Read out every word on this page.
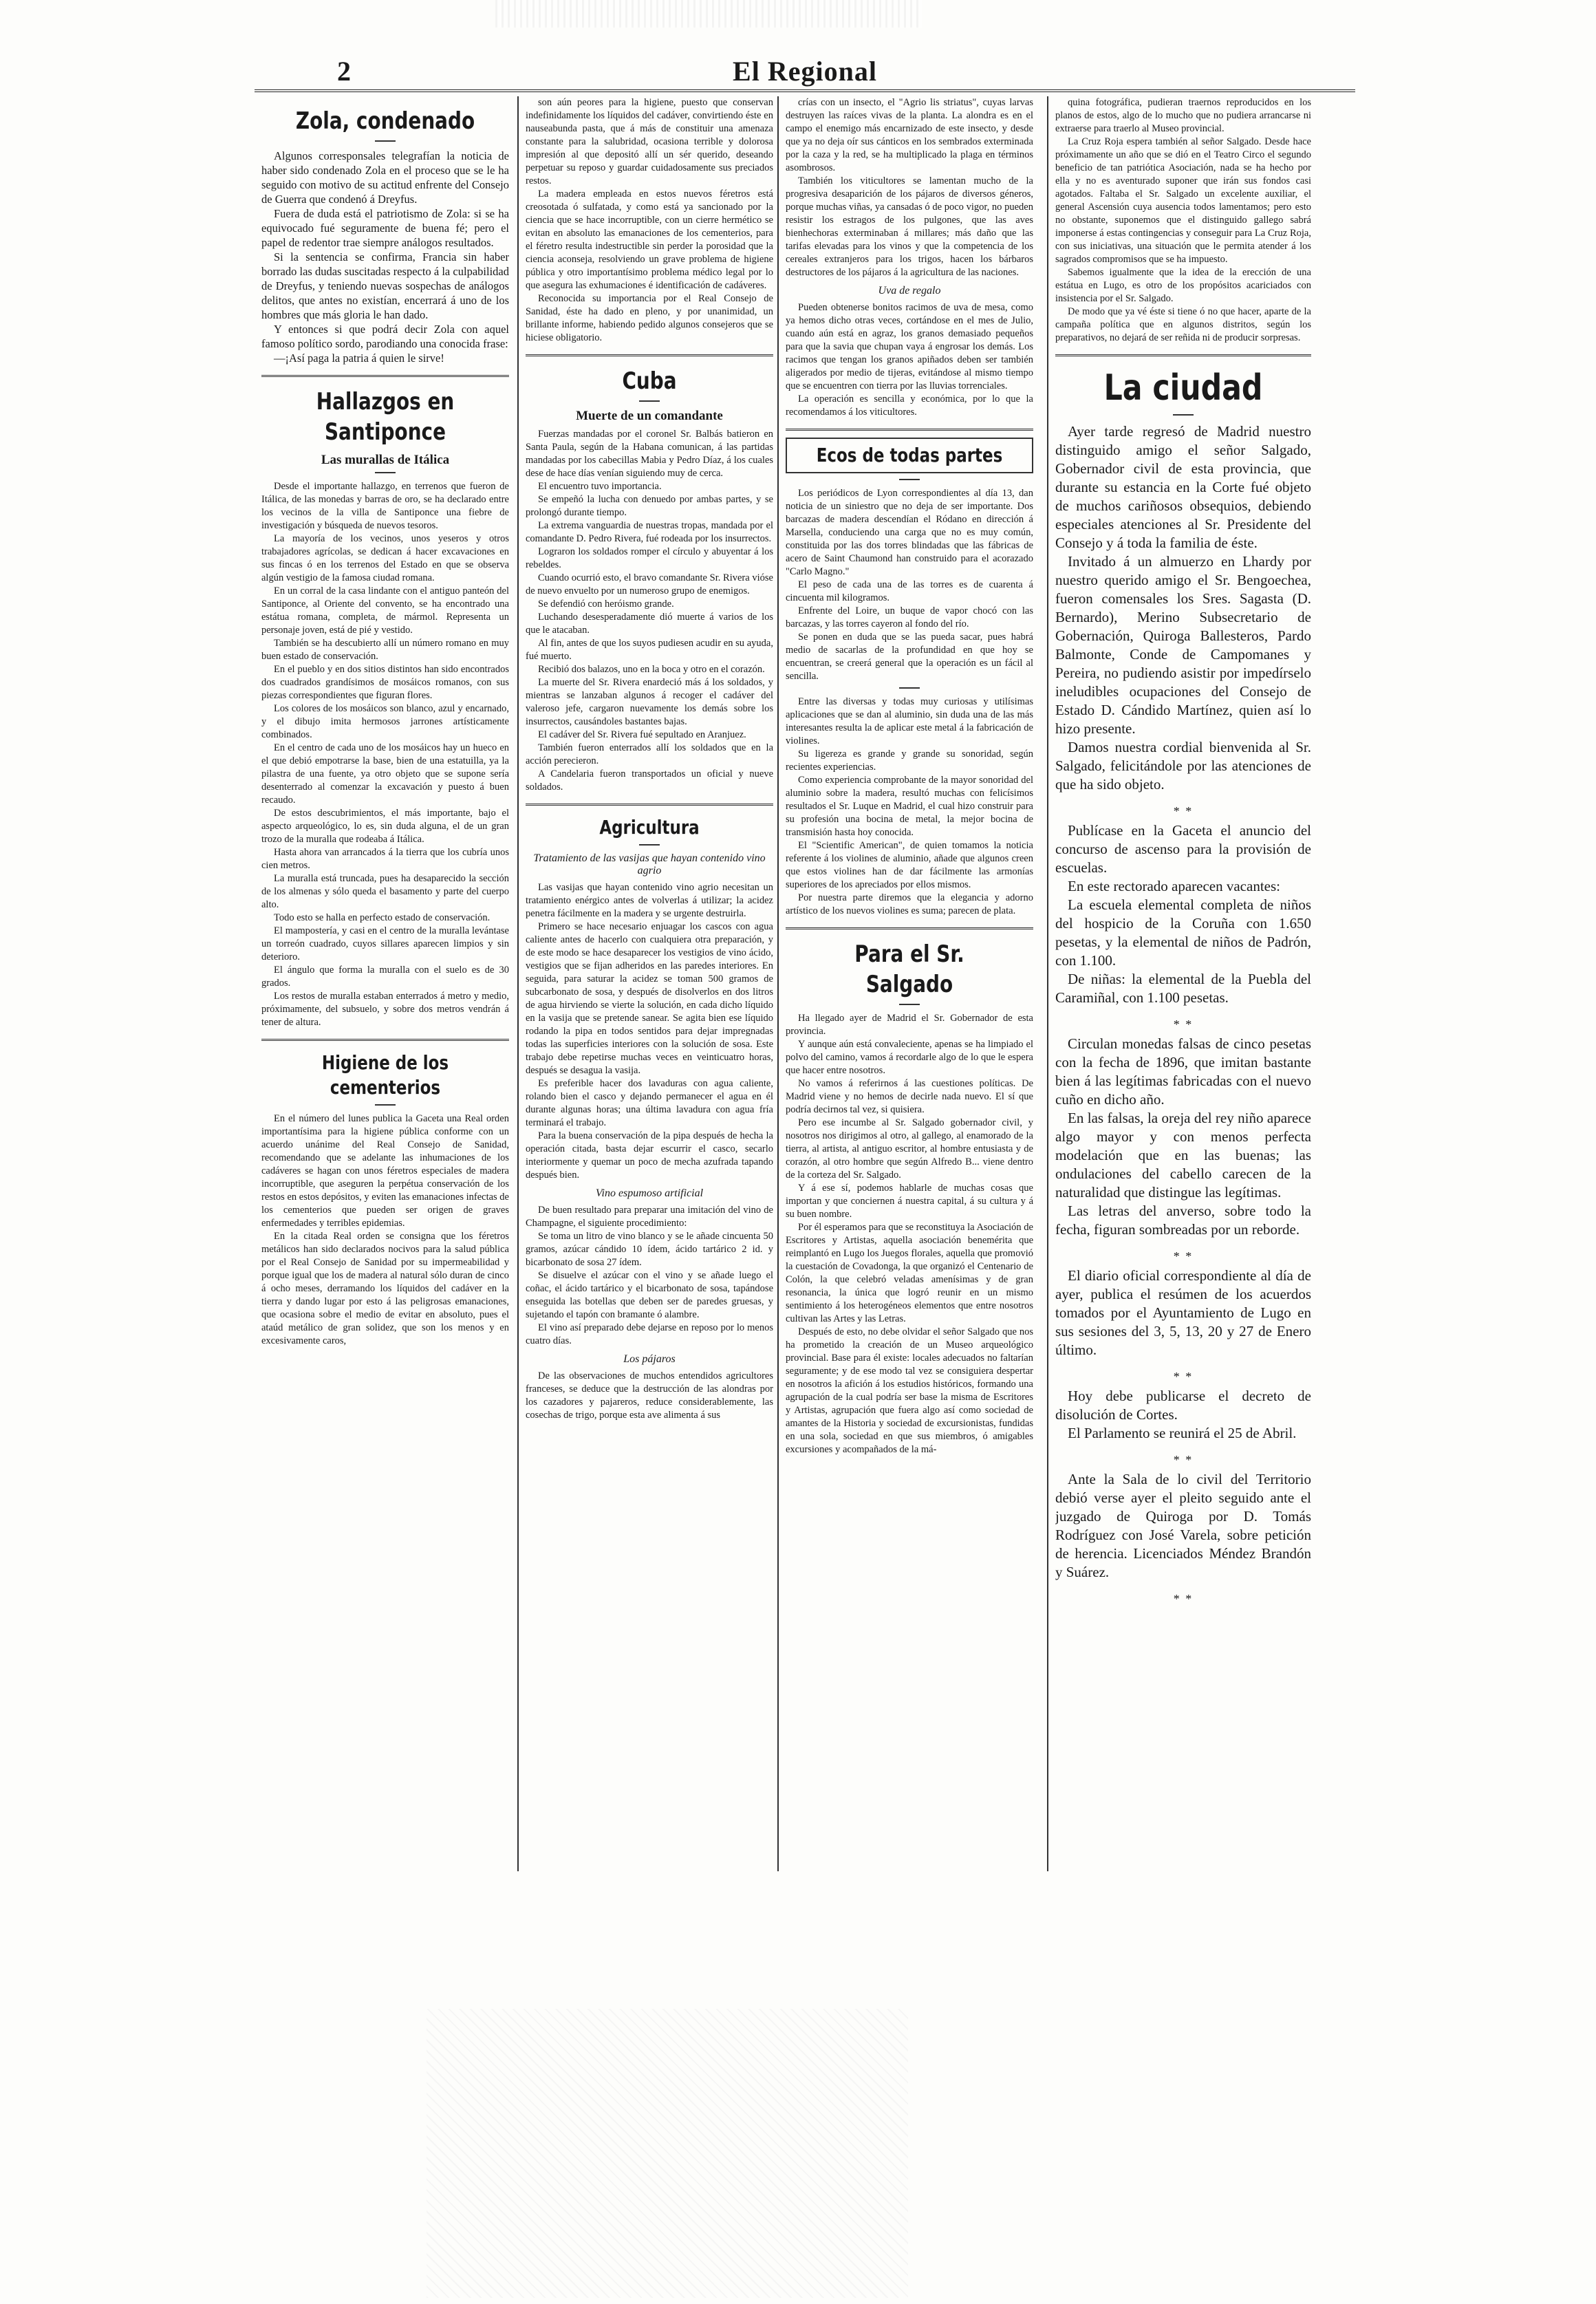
2	El Regional
Zola, condenado

Algunos corresponsales telegrafían la noticia de haber sido condenado Zola en el proceso que se le ha seguido con motivo de su actitud enfrente del Consejo de Guerra que condenó á Dreyfus.

Fuera de duda está el patriotismo de Zola: si se ha equivocado fué seguramente de buena fé; pero el papel de redentor trae siempre análogos resultados.

Si la sentencia se confirma, Francia sin haber borrado las dudas suscitadas respecto á la culpabilidad de Dreyfus, y teniendo nuevas sospechas de análogos delitos, que antes no existían, encerrará á uno de los hombres que más gloria le han dado.

Y entonces si que podrá decir Zola con aquel famoso político sordo, parodiando una conocida frase:

—¡Así paga la patria á quien le sirve!

Hallazgos en Santiponce
Las murallas de Itálica

Desde el importante hallazgo, en terrenos que fueron de Itálica, de las monedas y barras de oro, se ha declarado entre los vecinos de la villa de Santiponce una fiebre de investigación y búsqueda de nuevos tesoros.

La mayoría de los vecinos, unos yeseros y otros trabajadores agrícolas, se dedican á hacer excavaciones en sus fincas ó en los terrenos del Estado en que se observa algún vestigio de la famosa ciudad romana.

En un corral de la casa lindante con el antiguo panteón del Santiponce, al Oriente del convento, se ha encontrado una estátua romana, completa, de mármol. Representa un personaje joven, está de pié y vestido.

También se ha descubierto allí un número romano en muy buen estado de conservación.

En el pueblo y en dos sitios distintos han sido encontrados dos cuadrados grandísimos de mosáicos romanos, con sus piezas correspondientes que figuran flores.

Los colores de los mosáicos son blanco, azul y encarnado, y el dibujo imita hermosos jarrones artísticamente combinados.

En el centro de cada uno de los mosáicos hay un hueco en el que debió empotrarse la base, bien de una estatuilla, ya la pilastra de una fuente, ya otro objeto que se supone sería desenterrado al comenzar la excavación y puesto á buen recaudo.

De estos descubrimientos, el más importante, bajo el aspecto arqueológico, lo es, sin duda alguna, el de un gran trozo de la muralla que rodeaba á Itálica.

Hasta ahora van arrancados á la tierra que los cubría unos cien metros.

La muralla está truncada, pues ha desaparecido la sección de los almenas y sólo queda el basamento y parte del cuerpo alto.

Todo esto se halla en perfecto estado de conservación.

El mampostería, y casi en el centro de la muralla levántase un torreón cuadrado, cuyos sillares aparecen limpios y sin deterioro.

El ángulo que forma la muralla con el suelo es de 30 grados.

Los restos de muralla estaban enterrados á metro y medio, próximamente, del subsuelo, y sobre dos metros vendrán á tener de altura.

Higiene de los cementerios

En el número del lunes publica la Gaceta una Real orden importantísima para la higiene pública conforme con un acuerdo unánime del Real Consejo de Sanidad, recomendando que se adelante las inhumaciones de los cadáveres se hagan con unos féretros especiales de madera incorruptible, que aseguren la perpétua conservación de los restos en estos depósitos, y eviten las emanaciones infectas de los cementerios que pueden ser origen de graves enfermedades y terribles epidemias.

En la citada Real orden se consigna que los féretros metálicos han sido declarados nocivos para la salud pública por el Real Consejo de Sanidad por su impermeabilidad y porque igual que los de madera al natural sólo duran de cinco á ocho meses, derramando los líquidos del cadáver en la tierra y dando lugar por esto á las peligrosas emanaciones, que ocasiona sobre el medio de evitar en absoluto, pues el ataúd metálico de gran solidez, que son los menos y en excesivamente caros,

son aún peores para la higiene, puesto que conservan indefinidamente los líquidos del cadáver, convirtiendo éste en nauseabunda pasta, que á más de constituir una amenaza constante para la salubridad, ocasiona terrible y dolorosa impresión al que depositó allí un sér querido, deseando perpetuar su reposo y guardar cuidadosamente sus preciados restos.

La madera empleada en estos nuevos féretros está creosotada ó sulfatada, y como está ya sancionado por la ciencia que se hace incorruptible, con un cierre hermético se evitan en absoluto las emanaciones de los cementerios, para el féretro resulta indestructible sin perder la porosidad que la ciencia aconseja, resolviendo un grave problema de higiene pública y otro importantísimo problema médico legal por lo que asegura las exhumaciones é identificación de cadáveres.

Reconocida su importancia por el Real Consejo de Sanidad, éste ha dado en pleno, y por unanimidad, un brillante informe, habiendo pedido algunos consejeros que se hiciese obligatorio.

Cuba
Muerte de un comandante

Fuerzas mandadas por el coronel Sr. Balbás batieron en Santa Paula, según de la Habana comunican, á las partidas mandadas por los cabecillas Mabia y Pedro Díaz, á los cuales dese de hace días venían siguiendo muy de cerca.

El encuentro tuvo importancia.

Se empeñó la lucha con denuedo por ambas partes, y se prolongó durante tiempo.

La extrema vanguardia de nuestras tropas, mandada por el comandante D. Pedro Rivera, fué rodeada por los insurrectos.

Lograron los soldados romper el círculo y abuyentar á los rebeldes.

Cuando ocurrió esto, el bravo comandante Sr. Rivera vióse de nuevo envuelto por un numeroso grupo de enemigos.

Se defendió con heróismo grande.

Luchando desesperadamente dió muerte á varios de los que le atacaban.

Al fin, antes de que los suyos pudiesen acudir en su ayuda, fué muerto.

Recibió dos balazos, uno en la boca y otro en el corazón.

La muerte del Sr. Rivera enardeció más á los soldados, y mientras se lanzaban algunos á recoger el cadáver del valeroso jefe, cargaron nuevamente los demás sobre los insurrectos, causándoles bastantes bajas.

El cadáver del Sr. Rivera fué sepultado en Aranjuez.

También fueron enterrados allí los soldados que en la acción perecieron.

A Candelaria fueron transportados un oficial y nueve soldados.

Agricultura
Tratamiento de las vasijas que hayan contenido vino agrio

Las vasijas que hayan contenido vino agrio necesitan un tratamiento enérgico antes de volverlas á utilizar; la acidez penetra fácilmente en la madera y se urgente destruirla.

Primero se hace necesario enjuagar los cascos con agua caliente antes de hacerlo con cualquiera otra preparación, y de este modo se hace desaparecer los vestigios de vino ácido, vestigios que se fijan adheridos en las paredes interiores. En seguida, para saturar la acidez se toman 500 gramos de subcarbonato de sosa, y después de disolverlos en dos litros de agua hirviendo se vierte la solución, en cada dicho líquido en la vasija que se pretende sanear. Se agita bien ese líquido rodando la pipa en todos sentidos para dejar impregnadas todas las superficies interiores con la solución de sosa. Este trabajo debe repetirse muchas veces en veinticuatro horas, después se desagua la vasija.

Es preferible hacer dos lavaduras con agua caliente, rolando bien el casco y dejando permanecer el agua en él durante algunas horas; una última lavadura con agua fría terminará el trabajo.

Para la buena conservación de la pipa después de hecha la operación citada, basta dejar escurrir el casco, secarlo interiormente y quemar un poco de mecha azufrada tapando después bien.

Vino espumoso artificial

De buen resultado para preparar una imitación del vino de Champagne, el siguiente procedimiento:

Se toma un litro de vino blanco y se le añade cincuenta 50 gramos, azúcar cándido 10 ídem, ácido tartárico 2 id. y bicarbonato de sosa 27 ídem.

Se disuelve el azúcar con el vino y se añade luego el coñac, el ácido tartárico y el bicarbonato de sosa, tapándose enseguida las botellas que deben ser de paredes gruesas, y sujetando el tapón con bramante ó alambre.

El vino así preparado debe dejarse en reposo por lo menos cuatro días.

Los pájaros

De las observaciones de muchos entendidos agricultores franceses, se deduce que la destrucción de las alondras por los cazadores y pajareros, reduce considerablemente, las cosechas de trigo, porque esta ave alimenta á sus

crías con un insecto, el "Agrio lis striatus", cuyas larvas destruyen las raíces vivas de la planta. La alondra es en el campo el enemigo más encarnizado de este insecto, y desde que ya no deja oír sus cánticos en los sembrados exterminada por la caza y la red, se ha multiplicado la plaga en términos asombrosos.

También los viticultores se lamentan mucho de la progresiva desaparición de los pájaros de diversos géneros, porque muchas viñas, ya cansadas ó de poco vigor, no pueden resistir los estragos de los pulgones, que las aves bienhechoras exterminaban á millares; más daño que las tarifas elevadas para los vinos y que la competencia de los cereales extranjeros para los trigos, hacen los bárbaros destructores de los pájaros á la agricultura de las naciones.

Uva de regalo

Pueden obtenerse bonitos racimos de uva de mesa, como ya hemos dicho otras veces, cortándose en el mes de Julio, cuando aún está en agraz, los granos demasiado pequeños para que la savia que chupan vaya á engrosar los demás. Los racimos que tengan los granos apiñados deben ser también aligerados por medio de tijeras, evitándose al mismo tiempo que se encuentren con tierra por las lluvias torrenciales.

La operación es sencilla y económica, por lo que la recomendamos á los viticultores.

Ecos de todas partes

Los periódicos de Lyon correspondientes al día 13, dan noticia de un siniestro que no deja de ser importante. Dos barcazas de madera descendían el Ródano en dirección á Marsella, conduciendo una carga que no es muy común, constituida por las dos torres blindadas que las fábricas de acero de Saint Chaumond han construido para el acorazado "Carlo Magno."

El peso de cada una de las torres es de cuarenta á cincuenta mil kilogramos.

Enfrente del Loire, un buque de vapor chocó con las barcazas, y las torres cayeron al fondo del río.

Se ponen en duda que se las pueda sacar, pues habrá medio de sacarlas de la profundidad en que hoy se encuentran, se creerá general que la operación es un fácil al sencilla.

Entre las diversas y todas muy curiosas y utilísimas aplicaciones que se dan al aluminio, sin duda una de las más interesantes resulta la de aplicar este metal á la fabricación de violines.

Su ligereza es grande y grande su sonoridad, según recientes experiencias.

Como experiencia comprobante de la mayor sonoridad del aluminio sobre la madera, resultó muchas con felicísimos resultados el Sr. Luque en Madrid, el cual hizo construir para su profesión una bocina de metal, la mejor bocina de transmisión hasta hoy conocida.

El "Scientific American", de quien tomamos la noticia referente á los violines de aluminio, añade que algunos creen que estos violines han de dar fácilmente las armonías superiores de los apreciados por ellos mismos.

Por nuestra parte diremos que la elegancia y adorno artístico de los nuevos violines es suma; parecen de plata.

Para el Sr. Salgado

Ha llegado ayer de Madrid el Sr. Gobernador de esta provincia.

Y aunque aún está convaleciente, apenas se ha limpiado el polvo del camino, vamos á recordarle algo de lo que le espera que hacer entre nosotros.

No vamos á referirnos á las cuestiones políticas. De Madrid viene y no hemos de decirle nada nuevo. El sí que podría decirnos tal vez, si quisiera.

Pero ese incumbe al Sr. Salgado gobernador civil, y nosotros nos dirigimos al otro, al gallego, al enamorado de la tierra, al artista, al antiguo escritor, al hombre entusiasta y de corazón, al otro hombre que según Alfredo B... viene dentro de la corteza del Sr. Salgado.

Y á ese sí, podemos hablarle de muchas cosas que importan y que conciernen á nuestra capital, á su cultura y á su buen nombre.

Por él esperamos para que se reconstituya la Asociación de Escritores y Artistas, aquella asociación benemérita que reimplantó en Lugo los Juegos florales, aquella que promovió la cuestación de Covadonga, la que organizó el Centenario de Colón, la que celebró veladas amenísimas y de gran resonancia, la única que logró reunir en un mismo sentimiento á los heterogéneos elementos que entre nosotros cultivan las Artes y las Letras.

Después de esto, no debe olvidar el señor Salgado que nos ha prometido la creación de un Museo arqueológico provincial. Base para él existe: locales adecuados no faltarían seguramente; y de ese modo tal vez se consiguiera despertar en nosotros la afición á los estudios históricos, formando una agrupación de la cual podría ser base la misma de Escritores y Artistas, agrupación que fuera algo así como sociedad de amantes de la Historia y sociedad de excursionistas, fundidas en una sola, sociedad en que sus miembros, ó amigables excursiones y acompañados de la má-

quina fotográfica, pudieran traernos reproducidos en los planos de estos, algo de lo mucho que no pudiera arrancarse ni extraerse para traerlo al Museo provincial.

La Cruz Roja espera también al señor Salgado. Desde hace próximamente un año que se dió en el Teatro Circo el segundo beneficio de tan patriótica Asociación, nada se ha hecho por ella y no es aventurado suponer que irán sus fondos casi agotados. Faltaba el Sr. Salgado un excelente auxiliar, el general Ascensión cuya ausencia todos lamentamos; pero esto no obstante, suponemos que el distinguido gallego sabrá imponerse á estas contingencias y conseguir para La Cruz Roja, con sus iniciativas, una situación que le permita atender á los sagrados compromisos que se ha impuesto.

Sabemos igualmente que la idea de la erección de una estátua en Lugo, es otro de los propósitos acariciados con insistencia por el Sr. Salgado.

De modo que ya vé éste si tiene ó no que hacer, aparte de la campaña política que en algunos distritos, según los preparativos, no dejará de ser reñida ni de producir sorpresas.

La ciudad

Ayer tarde regresó de Madrid nuestro distinguido amigo el señor Salgado, Gobernador civil de esta provincia, que durante su estancia en la Corte fué objeto de muchos cariñosos obsequios, debiendo especiales atenciones al Sr. Presidente del Consejo y á toda la familia de éste.

Invitado á un almuerzo en Lhardy por nuestro querido amigo el Sr. Bengoechea, fueron comensales los Sres. Sagasta (D. Bernardo), Merino Subsecretario de Gobernación, Quiroga Ballesteros, Pardo Balmonte, Conde de Campomanes y Pereira, no pudiendo asistir por impedírselo ineludibles ocupaciones del Consejo de Estado D. Cándido Martínez, quien así lo hizo presente.

Damos nuestra cordial bienvenida al Sr. Salgado, felicitándole por las atenciones de que ha sido objeto.

* *

Publícase en la Gaceta el anuncio del concurso de ascenso para la provisión de escuelas.

En este rectorado aparecen vacantes:

La escuela elemental completa de niños del hospicio de la Coruña con 1.650 pesetas, y la elemental de niños de Padrón, con 1.100.

De niñas: la elemental de la Puebla del Caramiñal, con 1.100 pesetas.

* *

Circulan monedas falsas de cinco pesetas con la fecha de 1896, que imitan bastante bien á las legítimas fabricadas con el nuevo cuño en dicho año.

En las falsas, la oreja del rey niño aparece algo mayor y con menos perfecta modelación que en las buenas; las ondulaciones del cabello carecen de la naturalidad que distingue las legítimas.

Las letras del anverso, sobre todo la fecha, figuran sombreadas por un reborde.

* *

El diario oficial correspondiente al día de ayer, publica el resúmen de los acuerdos tomados por el Ayuntamiento de Lugo en sus sesiones del 3, 5, 13, 20 y 27 de Enero último.

* *

Hoy debe publicarse el decreto de disolución de Cortes.

El Parlamento se reunirá el 25 de Abril.

* *

Ante la Sala de lo civil del Territorio debió verse ayer el pleito seguido ante el juzgado de Quiroga por D. Tomás Rodríguez con José Varela, sobre petición de herencia. Licenciados Méndez Brandón y Suárez.

* *
